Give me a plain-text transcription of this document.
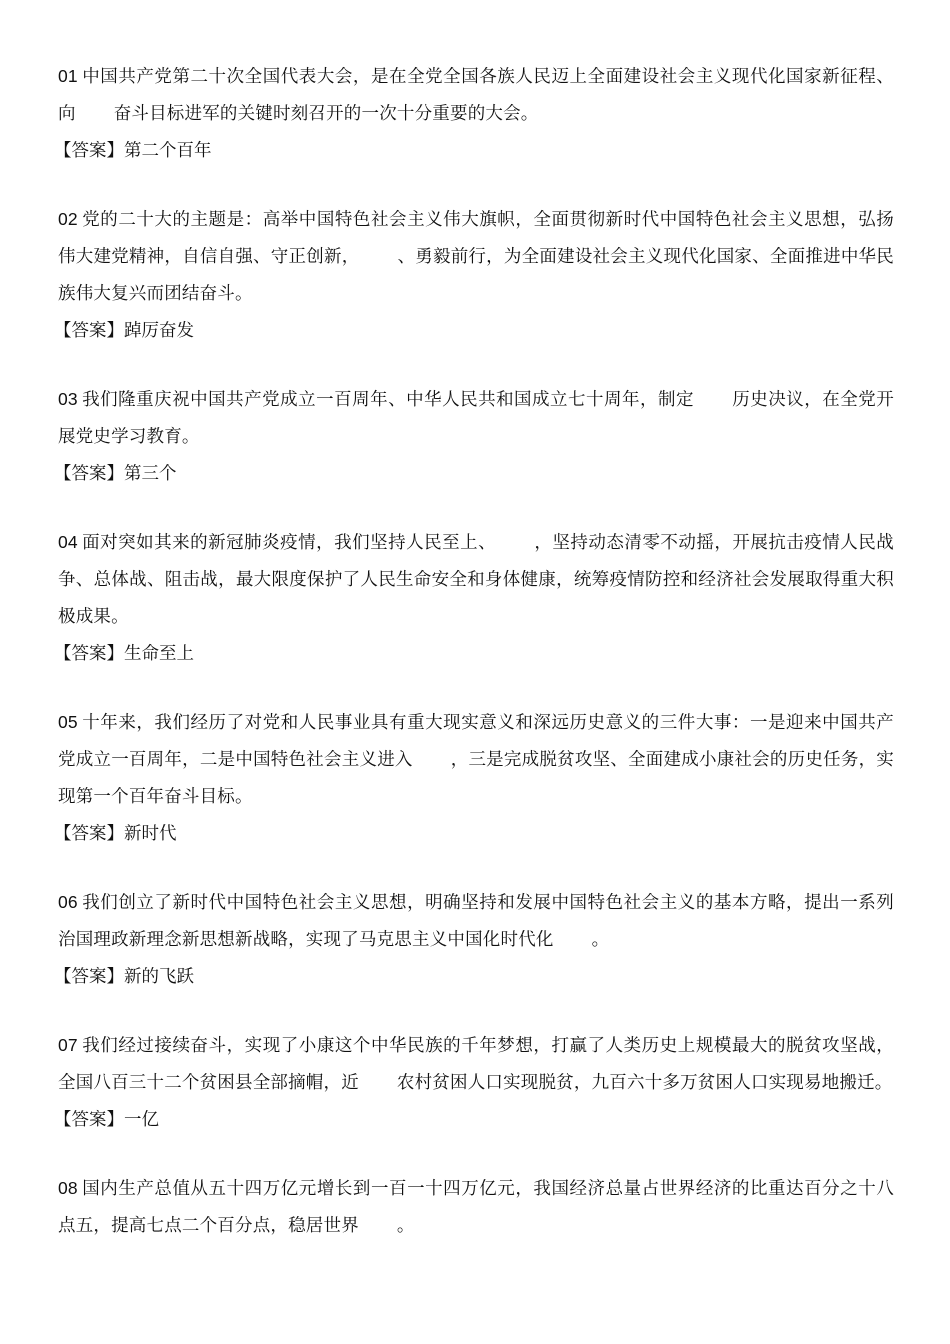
01 中国共产党第二十次全国代表大会，是在全党全国各族人民迈上全面建设社会主义现代化国家新征程、向 奋斗目标进军的关键时刻召开的一次十分重要的大会。

【答案】第二个百年

02 党的二十大的主题是：高举中国特色社会主义伟大旗帜，全面贯彻新时代中国特色社会主义思想，弘扬伟大建党精神，自信自强、守正创新， 、勇毅前行，为全面建设社会主义现代化国家、全面推进中华民族伟大复兴而团结奋斗。

【答案】踔厉奋发

03 我们隆重庆祝中国共产党成立一百周年、中华人民共和国成立七十周年，制定 历史决议，在全党开展党史学习教育。

【答案】第三个

04 面对突如其来的新冠肺炎疫情，我们坚持人民至上、 ，坚持动态清零不动摇，开展抗击疫情人民战争、总体战、阻击战，最大限度保护了人民生命安全和身体健康，统筹疫情防控和经济社会发展取得重大积极成果。

【答案】生命至上

05 十年来，我们经历了对党和人民事业具有重大现实意义和深远历史意义的三件大事：一是迎来中国共产党成立一百周年，二是中国特色社会主义进入 ，三是完成脱贫攻坚、全面建成小康社会的历史任务，实现第一个百年奋斗目标。

【答案】新时代

06 我们创立了新时代中国特色社会主义思想，明确坚持和发展中国特色社会主义的基本方略，提出一系列治国理政新理念新思想新战略，实现了马克思主义中国化时代化 。

【答案】新的飞跃

07 我们经过接续奋斗，实现了小康这个中华民族的千年梦想，打赢了人类历史上规模最大的脱贫攻坚战，全国八百三十二个贫困县全部摘帽，近 农村贫困人口实现脱贫，九百六十多万贫困人口实现易地搬迁。

【答案】一亿

08 国内生产总值从五十四万亿元增长到一百一十四万亿元，我国经济总量占世界经济的比重达百分之十八点五，提高七点二个百分点，稳居世界 。
